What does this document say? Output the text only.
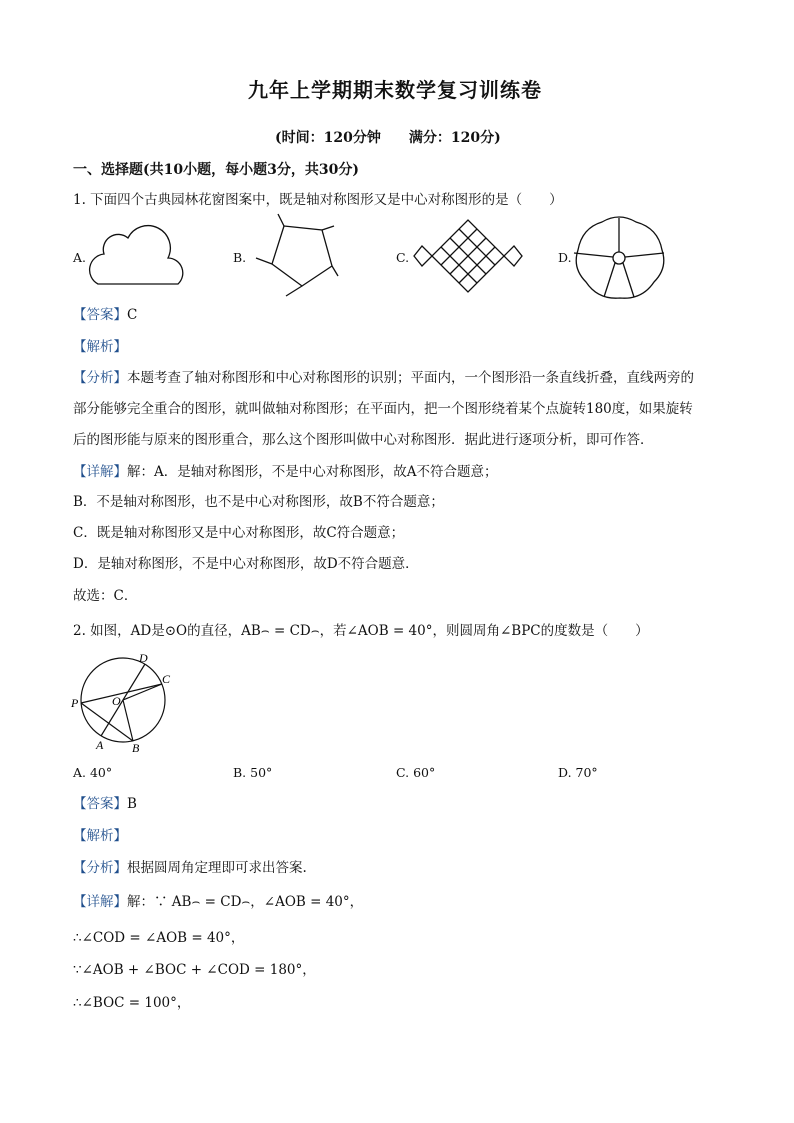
九年上学期期末数学复习训练卷
(时间：120分钟　　满分：120分)
一、选择题(共10小题，每小题3分，共30分)
1. 下面四个古典园林花窗图案中，既是轴对称图形又是中心对称图形的是（　　）
A.	B.	C.	D.
【答案】C
【解析】
【分析】本题考查了轴对称图形和中心对称图形的识别；平面内，一个图形沿一条直线折叠，直线两旁的
部分能够完全重合的图形，就叫做轴对称图形；在平面内，把一个图形绕着某个点旋转180度，如果旋转
后的图形能与原来的图形重合，那么这个图形叫做中心对称图形．据此进行逐项分析，即可作答．
【详解】解：A．是轴对称图形，不是中心对称图形，故A不符合题意；
B．不是轴对称图形，也不是中心对称图形，故B不符合题意；
C．既是轴对称图形又是中心对称图形，故C符合题意；
D．是轴对称图形，不是中心对称图形，故D不符合题意．
故选：C．
2. 如图，AD是⊙O的直径，AB⌢ = CD⌢，若∠AOB = 40°，则圆周角∠BPC的度数是（　　）
D
C
P	O
A B
A. 40°	B. 50°	C. 60°	D. 70°
【答案】B
【解析】
【分析】根据圆周角定理即可求出答案.
【详解】解：∵ AB⌢ = CD⌢，∠AOB = 40°，
∴∠COD = ∠AOB = 40°，
∵∠AOB + ∠BOC + ∠COD = 180°，
∴∠BOC = 100°，
